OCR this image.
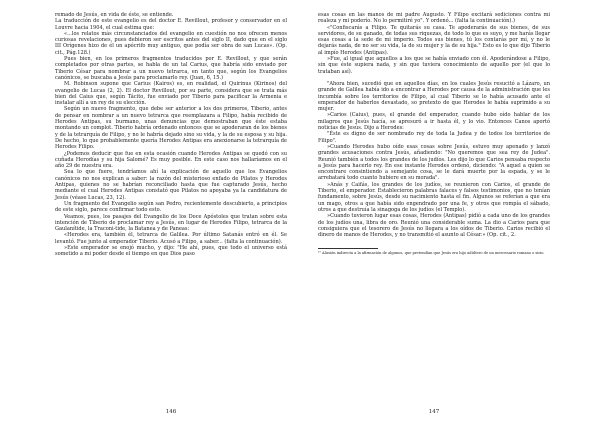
remado de Jesús, en vida de éste, se entiende.

La traducción de este evangelio es del doctor E. Revillout, profesor y conservador en el Louvre hacia 1904, el cual estima que:

«...los relatos más circunstanciados del evangelio en cuestión no nos ofrecen menos curiosas revelaciones, pues debieron ser escritos antes del siglo II, dado que en el siglo III Orígenes hizo de él un apócrifo muy antiguo, que podía ser obra de san Lucas». (Op. cit., Pág.128.)

Pues bien, en los primeros fragmentos traducidos por E. Revillout, y que serán completados por otras partes, se habla de un tal Carius, que habría sido enviado por Tiberio César para nombrar a un nuevo tetrarca, en tanto que, según los Evangelios canónicos, se buscaba a Jesús para proclamarlo rey. (Juan, 6, 15.)

M. Robinson supone que Carius (Kairos) es, en realidad, el Quirinus (Kirinos) del evangelio de Lucas (2, 2). El doctor Revillout, por su parte, considera que se trata más bien del Caius que, según Tácito, fue enviado por Tiberio para pacificar la Armenia e instalar allí a un rey de su elección.

Según un nuevo fragmento, que debe ser anterior a los dos primeros, Tiberio, antes de pensar en nombrar a un nuevo tetrarca que reemplazara a Filipo, había recibido de Herodes Antipas, su burmano, unas denuncias que demostraban que éste estaba montando un complot. Tiberio habría ordenado entonces que se apoderaran de los bienes y de la tetrarquía de Filipo, y no le habría dejado sino su vida, y la de su esposa y su hija. De hecho, lo que probablemente quería Herodes Antipas era anexionarse la tetrarquía de Herodes Filipo.

¿Podemos deducir que fue en esta ocasión cuando Herodes Antipas se quedó con su cuñada Herodías y su hija Salomé? Es muy posible. En este caso nos hallaríamos en el año 29 de nuestra era.

Sea lo que fuere, tendríamos ahí la explicación de aquello que los Evangelios canónicos no nos explican a saber: la razón del misterioso enfado de Pilatos y Herodes Antipas, quienes no se habrían reconciliado hasta que fue capturado Jesús, hecho mediante el cual Herodes Antipas constató que Pilatos no apoyaba ya la candidatura de Jesús (véase Lucas, 23, 12).

Un fragmento del Evangelio según san Pedro, recientemente descubierto, a principios de este siglo, parece confirmar todo esto.

Veamos, pues, los pasajes del Evangelio de los Doce Apóstoles que tratan sobre esta intención de Tiberio de proclamar rey a Jesús, en lugar de Herodes Filipo, tetrarca de la Gaulanítide, la Traconi-tide, la Batanea y de Paneas:

«Herodes era, también él, tetrarca de Galilea. Por último Satanás entró en él. Se levantó. Fue junto al emperador Tiberio. Acusó a Filipo, a saber... (falta la continuación).

»Este emperador se enojó mucho, y dijo: "He ahí, pues, que todo el universo está sometido a mi poder desde el tiempo en que Dios paso

146

esas cosas en las manos de mi padre Augusto. Y Filipo excitará sediciones contra mi realeza y mi poderío. No lo permitiré yo". Y ordenó... (falta la continuación).)

«"Confiscarás a Filipo. Te quitarás su casa. Te apoderarás de sus bienes, de sus servidores, de su ganado, de todas sus riquezas, de todo lo que es suyo, y me harás llegar esas cosas a la sede de mi imperio. Todos sus bienes, tú los contarás por mí, y no le dejarás nada, de no ser su vida, la de su mujer y la de su hija." Esto es lo que dijo Tiberio al impío Herodes (Antipas).

»Fue, al igual que aquellos a los que se había enviado con él. Apoderándose a Filipo, sin que éste supiera nada, y sin que tuviera conocimiento de aquello por (el que lo trataban así).

"Ahora bien, sucedió que en aquellos días, en los cuales Jesús resucitó a Lázaro, un grande de Galilea había ido a encontrar a Herodes por causa de la administración que les incumbía sobre los territorios de Filipo, al cual Tiberio se lo había acusado ante el emperador de haberlos devastado, so pretexto de que Herodes le había suprimido a su mujer.

»Carios (Caius), pues, el grande del emperador, cuando hubo oído hablar de los milagros que Jesús hacía, se apresuró a ir hasta él, y lo vio. Entonces Canos aportó noticias de Jesús. Dijo a Herodes:

"Éste es digno de ser nombrado rey de toda la Judea y de todos los territorios de Filipo".

»Cuando Herodes hubo oído esas cosas sobre Jesús, estuvo muy apenado y lanzó grandes acusaciones contra Jesús, añadiendo: "No queremos que sea rey de Judea". Reunió también a todos los grandes de los judíos. Les dijo lo que Carios pensaba respecto a Jesús para hacerlo rey. En ese instante Herodes ordenó, diciendo: "A aquel a quien se encontrare consintiendo a semejante cosa, se le dará muerte por la espada, y se le arrebatará todo cuanto hubiere en su morada".

»Anás y Caifás, los grandes de los judíos, se reunieron con Carios, el grande de Tiberio, el emperador. Establecieron palabras falaces y falsos testimonios, que no tenían fundamento, sobre Jesús, desde su nacimiento hasta el fin. Algunos se referían a que era un mago, otros a que había sido engendrado por una fe, y otros que rompía el sábado, otros a que destruía la sinagoga de los judíos (el Templo).

»Cuando tuvieron lugar esas cosas, Herodes (Antipas) pidió a cada uno de los grandes de los judíos una, libra de oro. Reunió una considerable suma. La dio a Carios para que consiguiera que el tesorero de Jesús no llegara a los oídos de Tiberio. Carios recibió el dinero de manos de Herodes, y no transmitió el asunto al César.» (Op. cit., 2.

¹⁰ Alusión indirecta a la afirmación de algunos, que pretendían que Jesús era hijo adúltero de un mercenario romano o sirio.
147
